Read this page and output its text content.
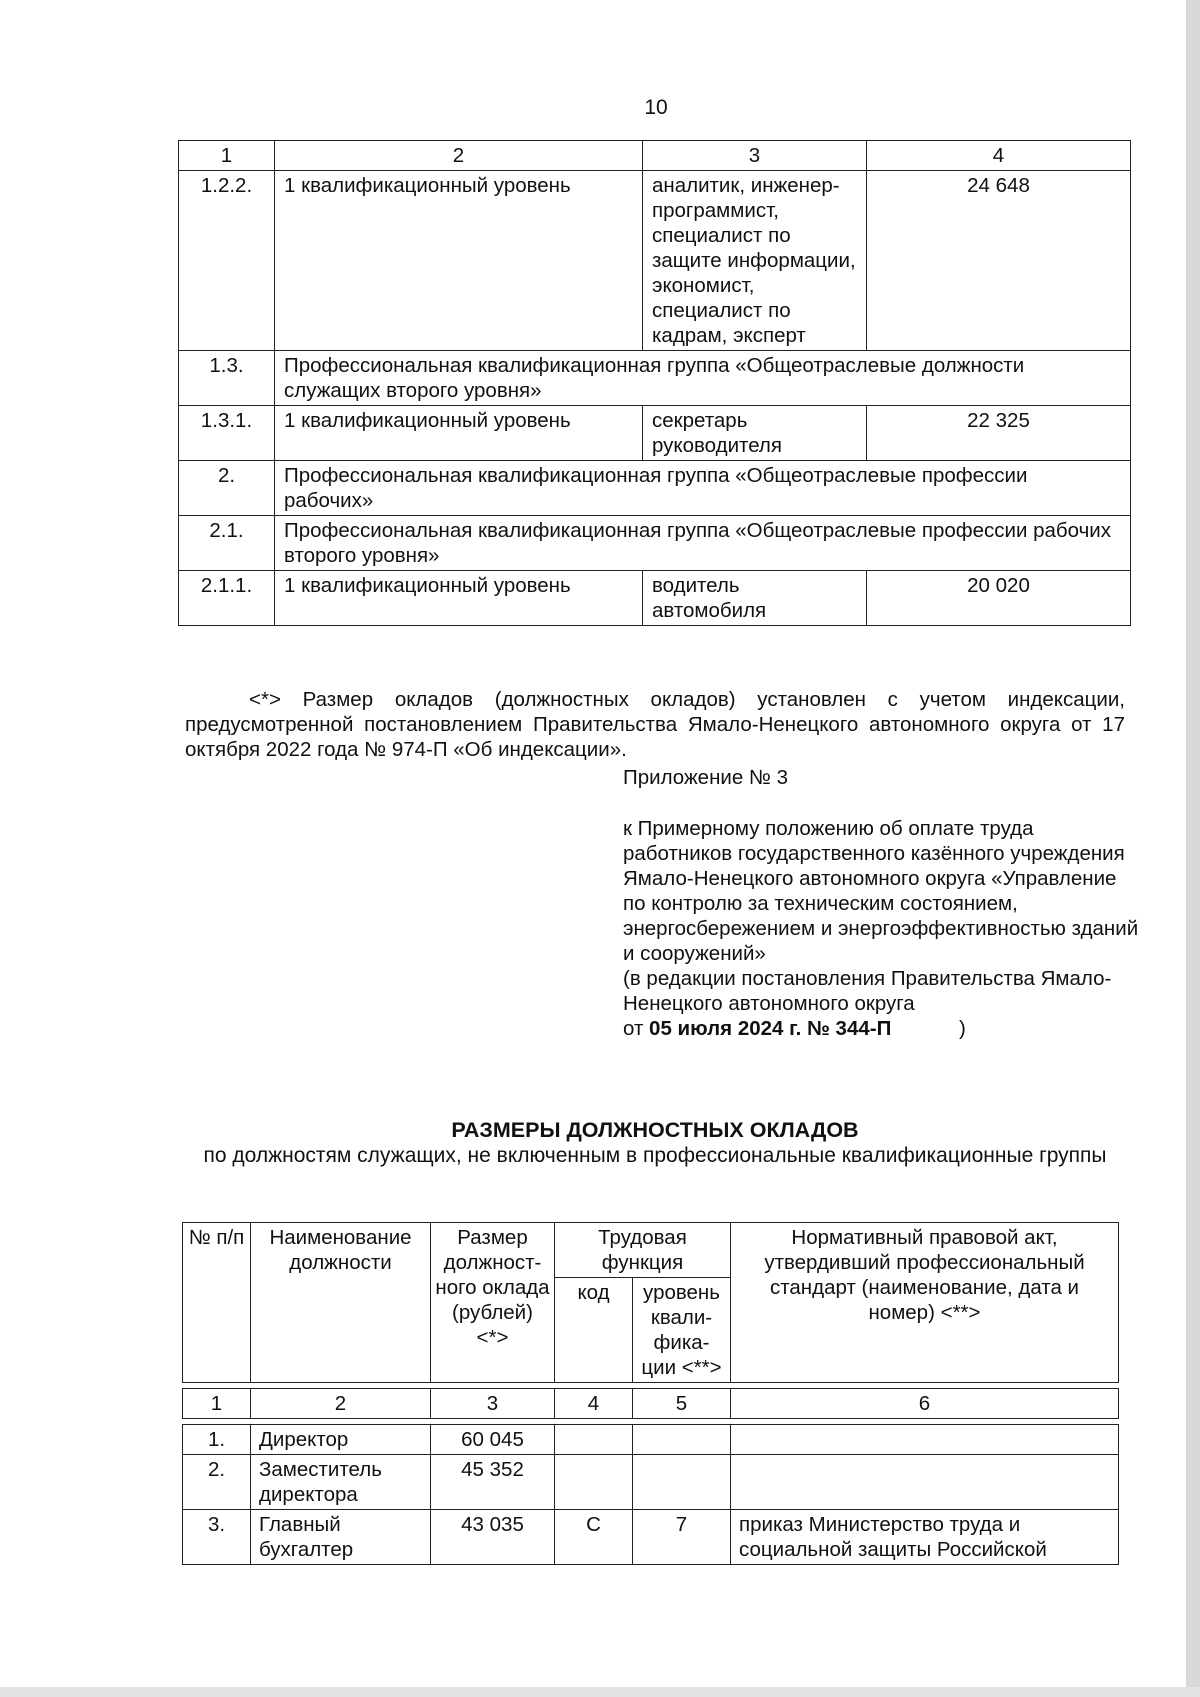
10
1	2	3	4
1.2.2.	1 квалификационный уровень	аналитик, инженер-программист, специалист по защите информации, экономист, специалист по кадрам, эксперт	24 648
1.3.	Профессиональная квалификационная группа «Общеотраслевые должности служащих второго уровня»		
1.3.1.	1 квалификационный уровень	секретарь руководителя	22 325
2.	Профессиональная квалификационная группа «Общеотраслевые профессии рабочих»		
2.1.	Профессиональная квалификационная группа «Общеотраслевые профессии рабочих второго уровня»		
2.1.1.	1 квалификационный уровень	водитель автомобиля	20 020

<*> Размер окладов (должностных окладов) установлен с учетом индексации, предусмотренной постановлением Правительства Ямало-Ненецкого автономного округа от 17 октября 2022 года № 974-П «Об индексации».

Приложение № 3

к Примерному положению об оплате труда работников государственного казённого учреждения Ямало-Ненецкого автономного округа «Управление по контролю за техническим состоянием, энергосбережением и энергоэффективностью зданий и сооружений»

(в редакции постановления Правительства Ямало-Ненецкого автономного округа

от 05 июля 2024 г. № 344-П	)

РАЗМЕРЫ ДОЛЖНОСТНЫХ ОКЛАДОВ
по должностям служащих, не включенным в профессиональные квалификационные группы
№ п/п	Наименование должности	Размер должност-ного оклада (рублей) <*>	Трудовая функция		Нормативный правовой акт, утвердивший профессиональный стандарт (наименование, дата и номер) <**>
			код	уровень квали-фика-ции <**>	

1	2	3	4	5	6

1.	Директор	60 045			
2.	Заместитель директора	45 352			
3.	Главный бухгалтер	43 035	С	7	приказ Министерство труда и социальной защиты Российской
